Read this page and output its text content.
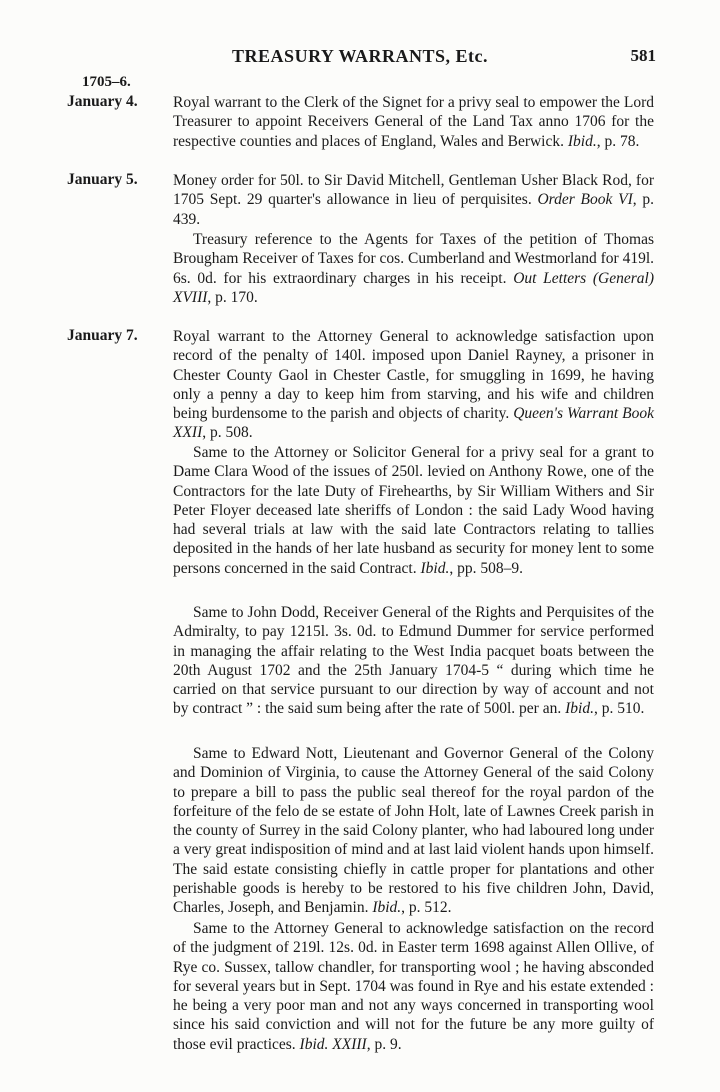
TREASURY WARRANTS, Etc.	581
1705–6.
January 4.	Royal warrant to the Clerk of the Signet for a privy seal to empower the Lord Treasurer to appoint Receivers General of the Land Tax anno 1706 for the respective counties and places of England, Wales and Berwick. Ibid., p. 78.
January 5.	Money order for 50l. to Sir David Mitchell, Gentleman Usher Black Rod, for 1705 Sept. 29 quarter's allowance in lieu of perquisites. Order Book VI, p. 439.
Treasury reference to the Agents for Taxes of the petition of Thomas Brougham Receiver of Taxes for cos. Cumberland and Westmorland for 419l. 6s. 0d. for his extraordinary charges in his receipt. Out Letters (General) XVIII, p. 170.
January 7.	Royal warrant to the Attorney General to acknowledge satisfaction upon record of the penalty of 140l. imposed upon Daniel Rayney, a prisoner in Chester County Gaol in Chester Castle, for smuggling in 1699, he having only a penny a day to keep him from starving, and his wife and children being burdensome to the parish and objects of charity. Queen's Warrant Book XXII, p. 508.
Same to the Attorney or Solicitor General for a privy seal for a grant to Dame Clara Wood of the issues of 250l. levied on Anthony Rowe, one of the Contractors for the late Duty of Firehearths, by Sir William Withers and Sir Peter Floyer deceased late sheriffs of London : the said Lady Wood having had several trials at law with the said late Contractors relating to tallies deposited in the hands of her late husband as security for money lent to some persons concerned in the said Contract. Ibid., pp. 508–9.
Same to John Dodd, Receiver General of the Rights and Perquisites of the Admiralty, to pay 1215l. 3s. 0d. to Edmund Dummer for service performed in managing the affair relating to the West India pacquet boats between the 20th August 1702 and the 25th January 1704-5 “ during which time he carried on that service pursuant to our direction by way of account and not by contract ” : the said sum being after the rate of 500l. per an. Ibid., p. 510.
Same to Edward Nott, Lieutenant and Governor General of the Colony and Dominion of Virginia, to cause the Attorney General of the said Colony to prepare a bill to pass the public seal thereof for the royal pardon of the forfeiture of the felo de se estate of John Holt, late of Lawnes Creek parish in the county of Surrey in the said Colony planter, who had laboured long under a very great indisposition of mind and at last laid violent hands upon himself. The said estate consisting chiefly in cattle proper for plantations and other perishable goods is hereby to be restored to his five children John, David, Charles, Joseph, and Benjamin. Ibid., p. 512.
Same to the Attorney General to acknowledge satisfaction on the record of the judgment of 219l. 12s. 0d. in Easter term 1698 against Allen Ollive, of Rye co. Sussex, tallow chandler, for transporting wool ; he having absconded for several years but in Sept. 1704 was found in Rye and his estate extended : he being a very poor man and not any ways concerned in transporting wool since his said conviction and will not for the future be any more guilty of those evil practices. Ibid. XXIII, p. 9.
